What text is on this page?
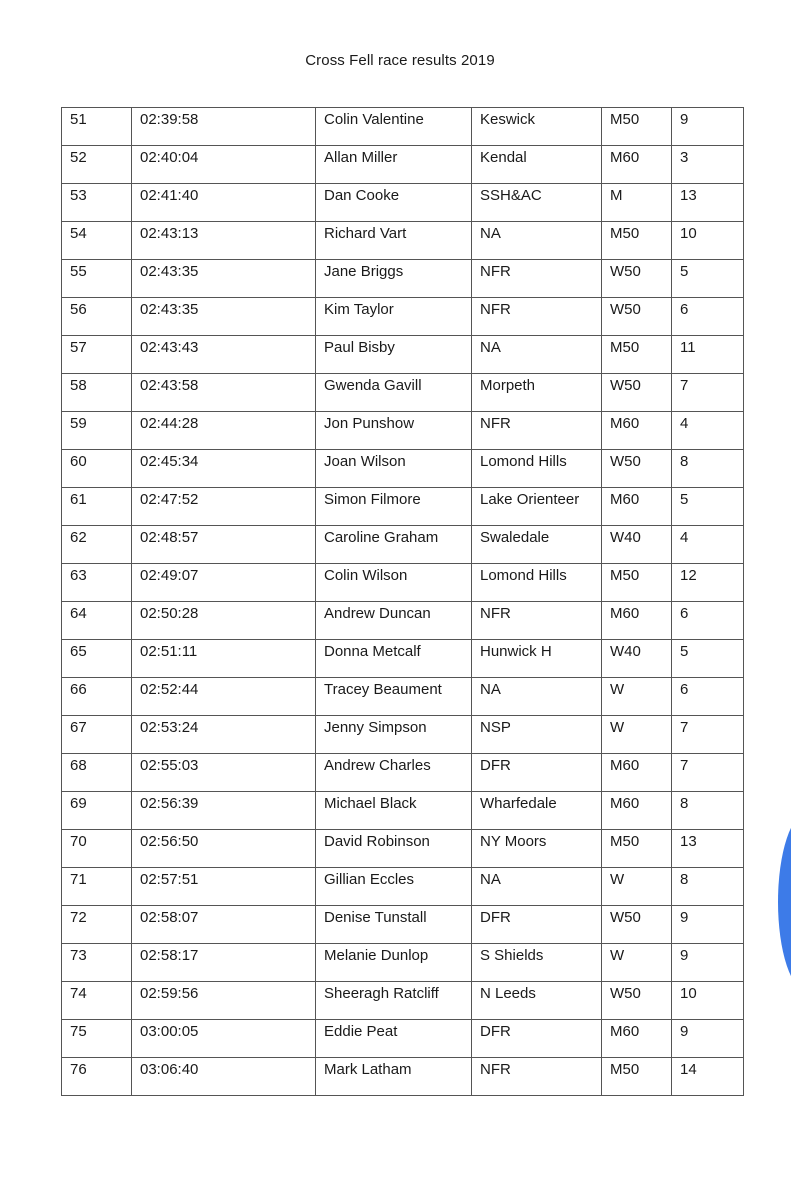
Cross Fell race results 2019
51	02:39:58	Colin Valentine	Keswick	M50	9
52	02:40:04	Allan Miller	Kendal	M60	3
53	02:41:40	Dan Cooke	SSH&AC	M	13
54	02:43:13	Richard Vart	NA	M50	10
55	02:43:35	Jane Briggs	NFR	W50	5
56	02:43:35	Kim Taylor	NFR	W50	6
57	02:43:43	Paul Bisby	NA	M50	11
58	02:43:58	Gwenda Gavill	Morpeth	W50	7
59	02:44:28	Jon Punshow	NFR	M60	4
60	02:45:34	Joan Wilson	Lomond Hills	W50	8
61	02:47:52	Simon Filmore	Lake Orienteer	M60	5
62	02:48:57	Caroline Graham	Swaledale	W40	4
63	02:49:07	Colin Wilson	Lomond Hills	M50	12
64	02:50:28	Andrew Duncan	NFR	M60	6
65	02:51:11	Donna Metcalf	Hunwick H	W40	5
66	02:52:44	Tracey Beaument	NA	W	6
67	02:53:24	Jenny Simpson	NSP	W	7
68	02:55:03	Andrew Charles	DFR	M60	7
69	02:56:39	Michael Black	Wharfedale	M60	8
70	02:56:50	David Robinson	NY Moors	M50	13
71	02:57:51	Gillian Eccles	NA	W	8
72	02:58:07	Denise Tunstall	DFR	W50	9
73	02:58:17	Melanie Dunlop	S Shields	W	9
74	02:59:56	Sheeragh Ratcliff	N Leeds	W50	10
75	03:00:05	Eddie Peat	DFR	M60	9
76	03:06:40	Mark Latham	NFR	M50	14
